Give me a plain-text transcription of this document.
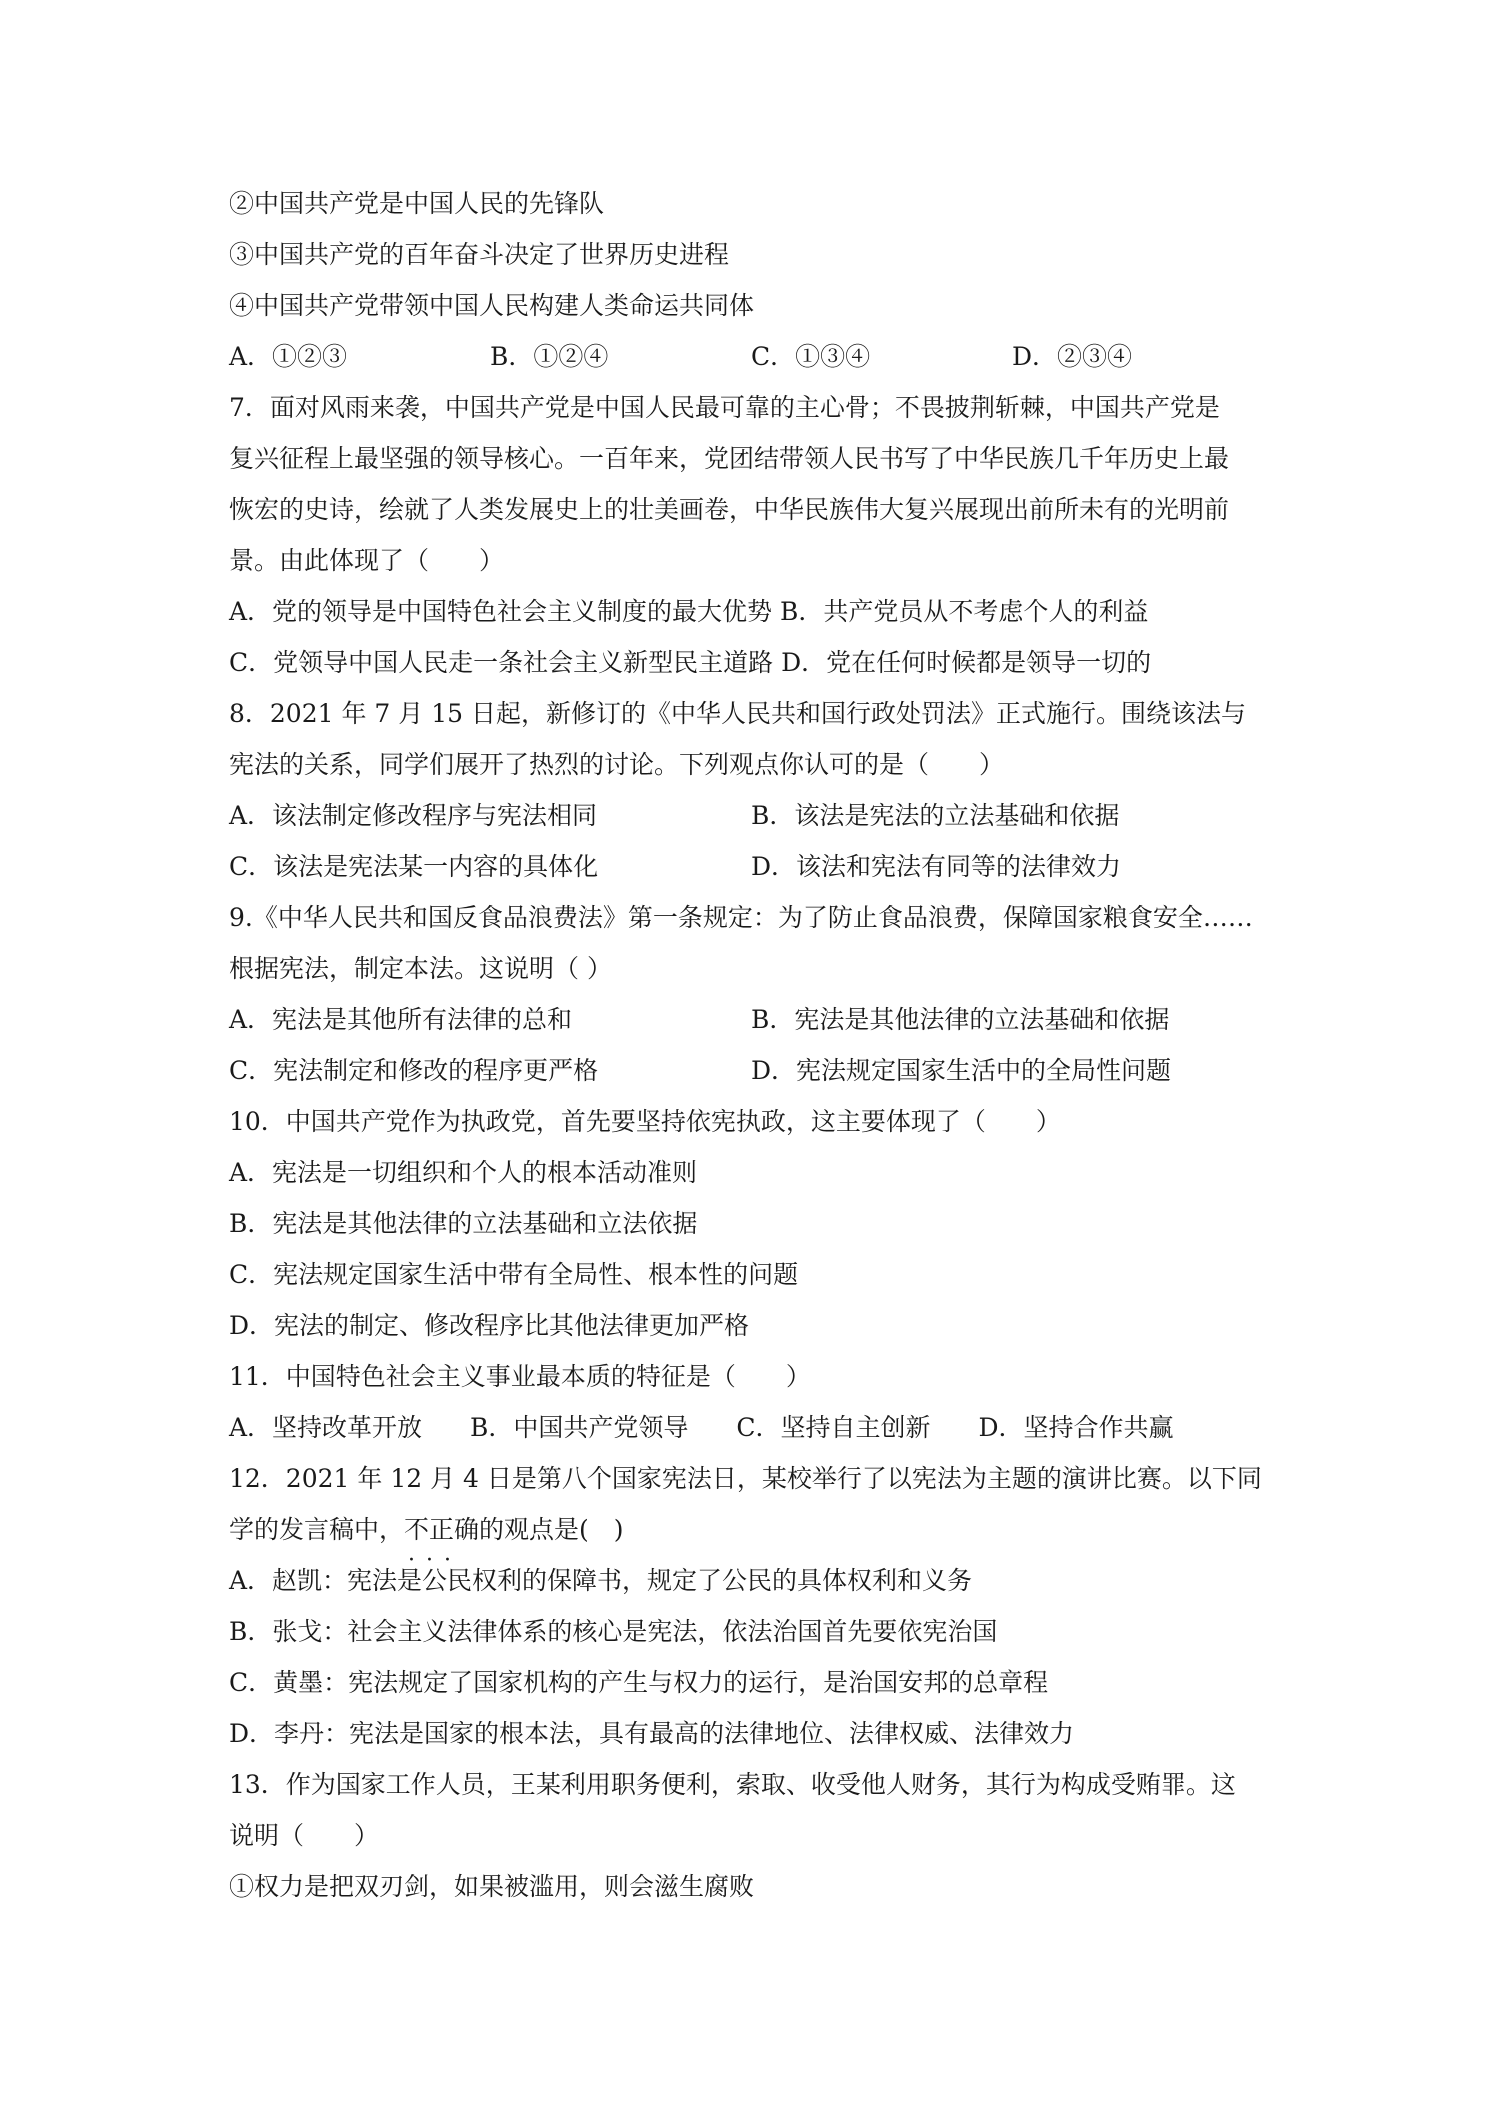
②中国共产党是中国人民的先锋队
③中国共产党的百年奋斗决定了世界历史进程
④中国共产党带领中国人民构建人类命运共同体
A．①②③	B．①②④	C．①③④	D．②③④
7．面对风雨来袭，中国共产党是中国人民最可靠的主心骨；不畏披荆斩棘，中国共产党是
复兴征程上最坚强的领导核心。一百年来，党团结带领人民书写了中华民族几千年历史上最
恢宏的史诗，绘就了人类发展史上的壮美画卷，中华民族伟大复兴展现出前所未有的光明前
景。由此体现了（　　）
A．党的领导是中国特色社会主义制度的最大优势 B．共产党员从不考虑个人的利益
C．党领导中国人民走一条社会主义新型民主道路 D．党在任何时候都是领导一切的
8．2021 年 7 月 15 日起，新修订的《中华人民共和国行政处罚法》正式施行。围绕该法与
宪法的关系，同学们展开了热烈的讨论。下列观点你认可的是（　　）
A．该法制定修改程序与宪法相同	B．该法是宪法的立法基础和依据
C．该法是宪法某一内容的具体化	D．该法和宪法有同等的法律效力
9.《中华人民共和国反食品浪费法》第一条规定：为了防止食品浪费，保障国家粮食安全……
根据宪法，制定本法。这说明（ ）
A．宪法是其他所有法律的总和	B．宪法是其他法律的立法基础和依据
C．宪法制定和修改的程序更严格	D．宪法规定国家生活中的全局性问题
10．中国共产党作为执政党，首先要坚持依宪执政，这主要体现了（　　）
A．宪法是一切组织和个人的根本活动准则
B．宪法是其他法律的立法基础和立法依据
C．宪法规定国家生活中带有全局性、根本性的问题
D．宪法的制定、修改程序比其他法律更加严格
11．中国特色社会主义事业最本质的特征是（　　）
A．坚持改革开放 B．中国共产党领导 C．坚持自主创新 D．坚持合作共赢
12．2021 年 12 月 4 日是第八个国家宪法日，某校举行了以宪法为主题的演讲比赛。以下同
学的发言稿中，不正确 · · ·的观点是(　)
A．赵凯：宪法是公民权利的保障书，规定了公民的具体权利和义务
B．张戈：社会主义法律体系的核心是宪法，依法治国首先要依宪治国
C．黄墨：宪法规定了国家机构的产生与权力的运行，是治国安邦的总章程
D．李丹：宪法是国家的根本法，具有最高的法律地位、法律权威、法律效力
13．作为国家工作人员，王某利用职务便利，索取、收受他人财务，其行为构成受贿罪。这
说明（　　）
①权力是把双刃剑，如果被滥用，则会滋生腐败
